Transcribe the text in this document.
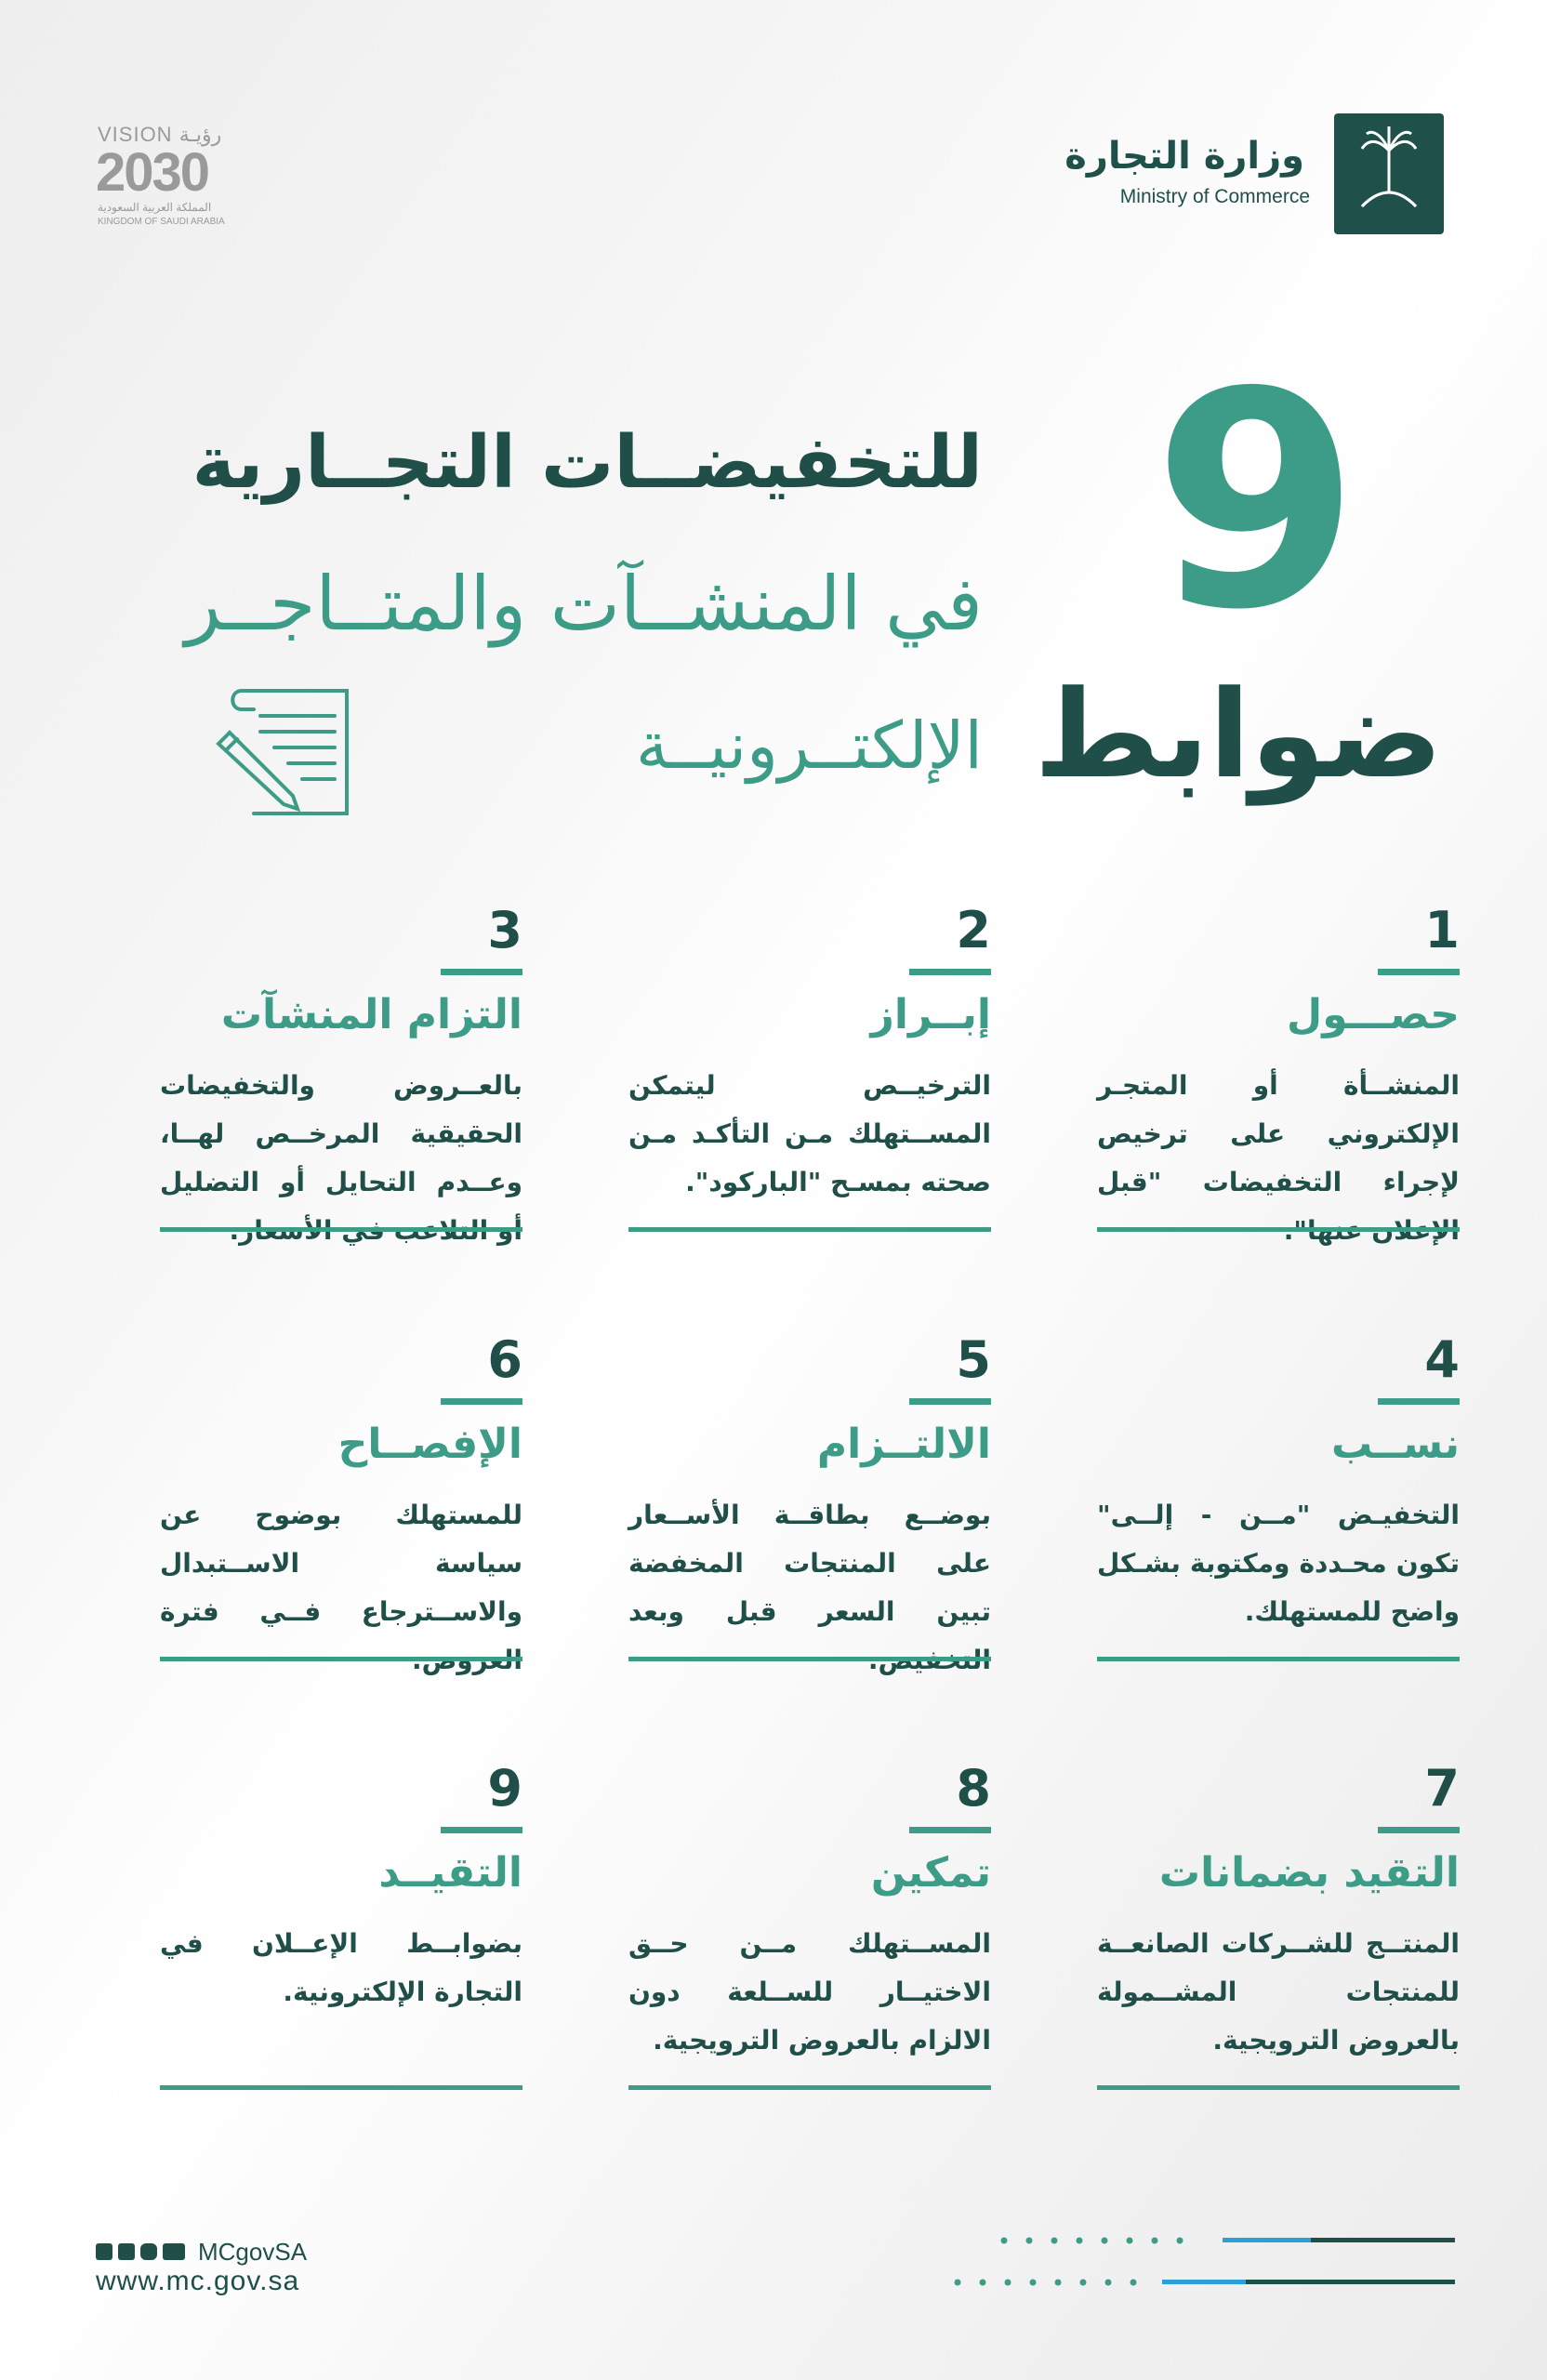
وزارة التجارة
Ministry of Commerce
VISION رؤيـة
2030
المملكة العربية السعودية
KINGDOM OF SAUDI ARABIA
9
ضوابط
للتخفيضــات التجــارية
في المنشــآت والمتــاجــر
الإلكتــرونيــة
1
حصـــول
المنشــأة أو المتجـر الإلكتروني على ترخيص لإجراء التخفيضات "قبل
2
إبــراز
الترخيــص ليتمكن المســتهلك مـن التأكـد مـن صحته بمسـح "الباركود".
3
التزام المنشآت
بالعــروض والتخفيضات الحقيقية المرخــص لهــا، وعــدم التحايل أو التضليل
4
نســب
التخفيـض "مــن - إلــى" تكون محـددة ومكتوبة بشـكل واضح للمستهلك.
5
الالتــزام
بوضــع بطاقــة الأســعار على المنتجات المخفضة تبين السعر قبل وبعد
6
الإفصــاح
للمستهلك بوضوح عن سياسة الاســتبدال والاســترجاع فــي فترة
7
التقيد بضمانات
المنتــج للشــركات الصانعــة للمنتجات المشــمولة بالعروض الترويجية.
8
تمكين
المســتهلك مــن حــق الاختيــار للســلعة دون الالزام بالعروض الترويجية.
9
التقيــد
بضوابــط الإعــلان في التجارة الإلكترونية.
MCgovSA
www.mc.gov.sa
